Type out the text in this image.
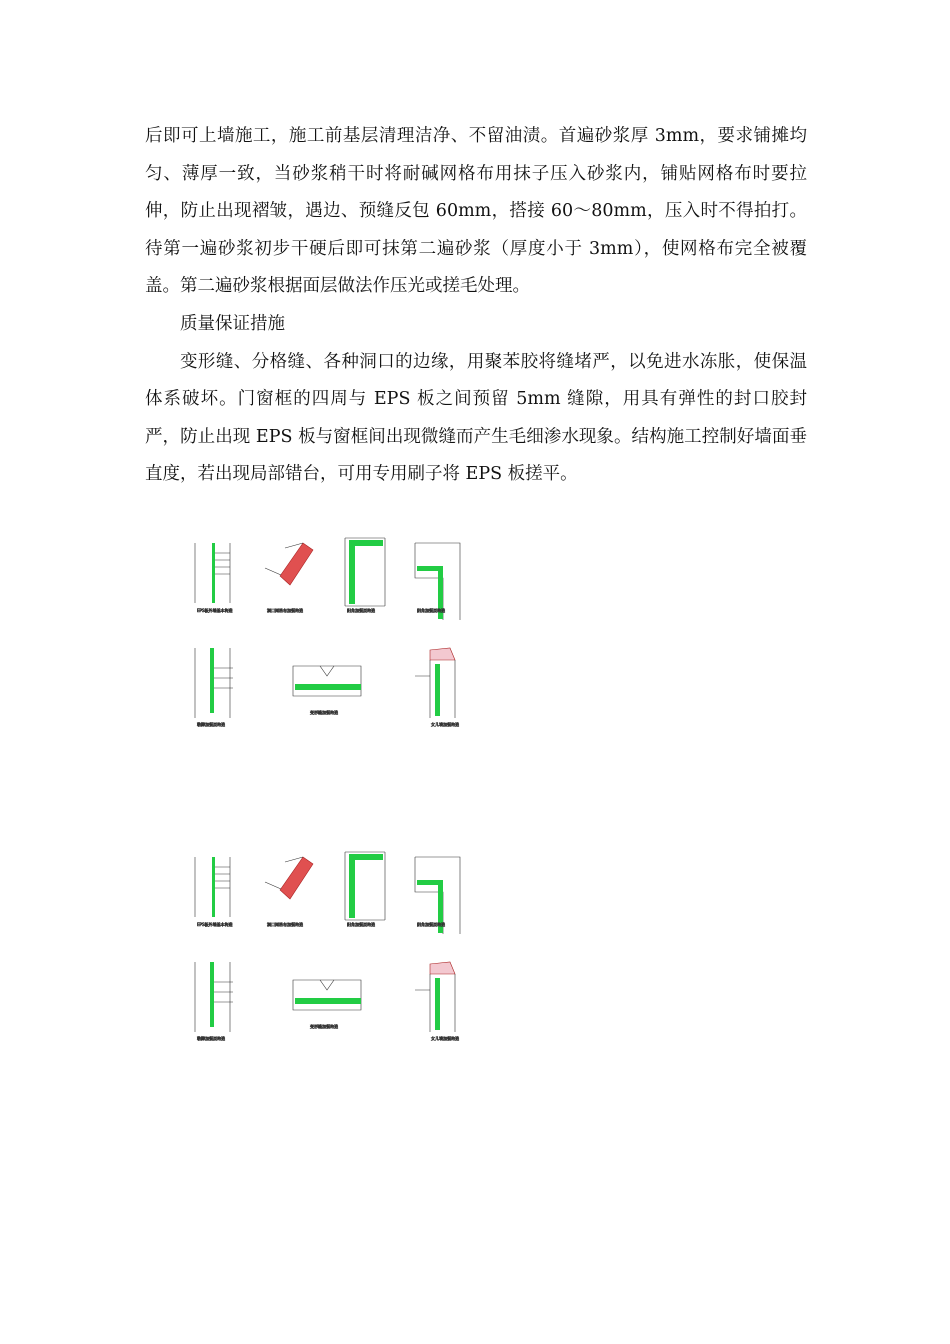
后即可上墙施工，施工前基层清理洁净、不留油渍。首遍砂浆厚 3mm，要求铺摊均匀、薄厚一致，当砂浆稍干时将耐碱网格布用抹子压入砂浆内，铺贴网格布时要拉伸，防止出现褶皱，遇边、预缝反包 60mm，搭接 60～80mm，压入时不得拍打。待第一遍砂浆初步干硬后即可抹第二遍砂浆（厚度小于 3mm），使网格布完全被覆盖。第二遍砂浆根据面层做法作压光或搓毛处理。

质量保证措施

变形缝、分格缝、各种洞口的边缘，用聚苯胶将缝堵严，以免进水冻胀，使保温体系破坏。门窗框的四周与 EPS 板之间预留 5mm 缝隙，用具有弹性的封口胶封严，防止出现 EPS 板与窗框间出现微缝而产生毛细渗水现象。结构施工控制好墙面垂直度，若出现局部错台，可用专用刷子将 EPS 板搓平。

EPS板外墙基本构造	洞口网格布加强构造	阳角加强层构造	阴角加强层构造
勒脚加强层构造
变形缝加强构造
女儿墙加强构造
EPS板外墙基本构造	洞口网格布加强构造	阳角加强层构造	阴角加强层构造
勒脚加强层构造
变形缝加强构造
女儿墙加强构造
